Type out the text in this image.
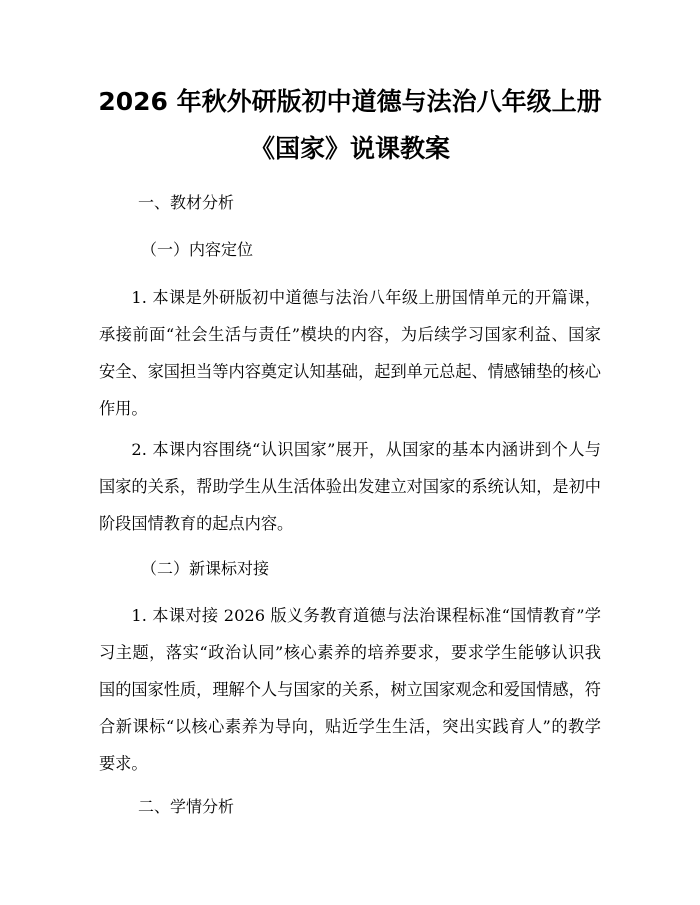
2026 年秋外研版初中道德与法治八年级上册
《国家》说课教案
一、教材分析
（一）内容定位

1. 本课是外研版初中道德与法治八年级上册国情单元的开篇课，承接前面“社会生活与责任”模块的内容，为后续学习国家利益、国家安全、家国担当等内容奠定认知基础，起到单元总起、情感铺垫的核心作用。

2. 本课内容围绕“认识国家”展开，从国家的基本内涵讲到个人与国家的关系，帮助学生从生活体验出发建立对国家的系统认知，是初中阶段国情教育的起点内容。

（二）新课标对接

1. 本课对接 2026 版义务教育道德与法治课程标准“国情教育”学习主题，落实“政治认同”核心素养的培养要求，要求学生能够认识我国的国家性质，理解个人与国家的关系，树立国家观念和爱国情感，符合新课标“以核心素养为导向，贴近学生生活，突出实践育人”的教学要求。

二、学情分析
